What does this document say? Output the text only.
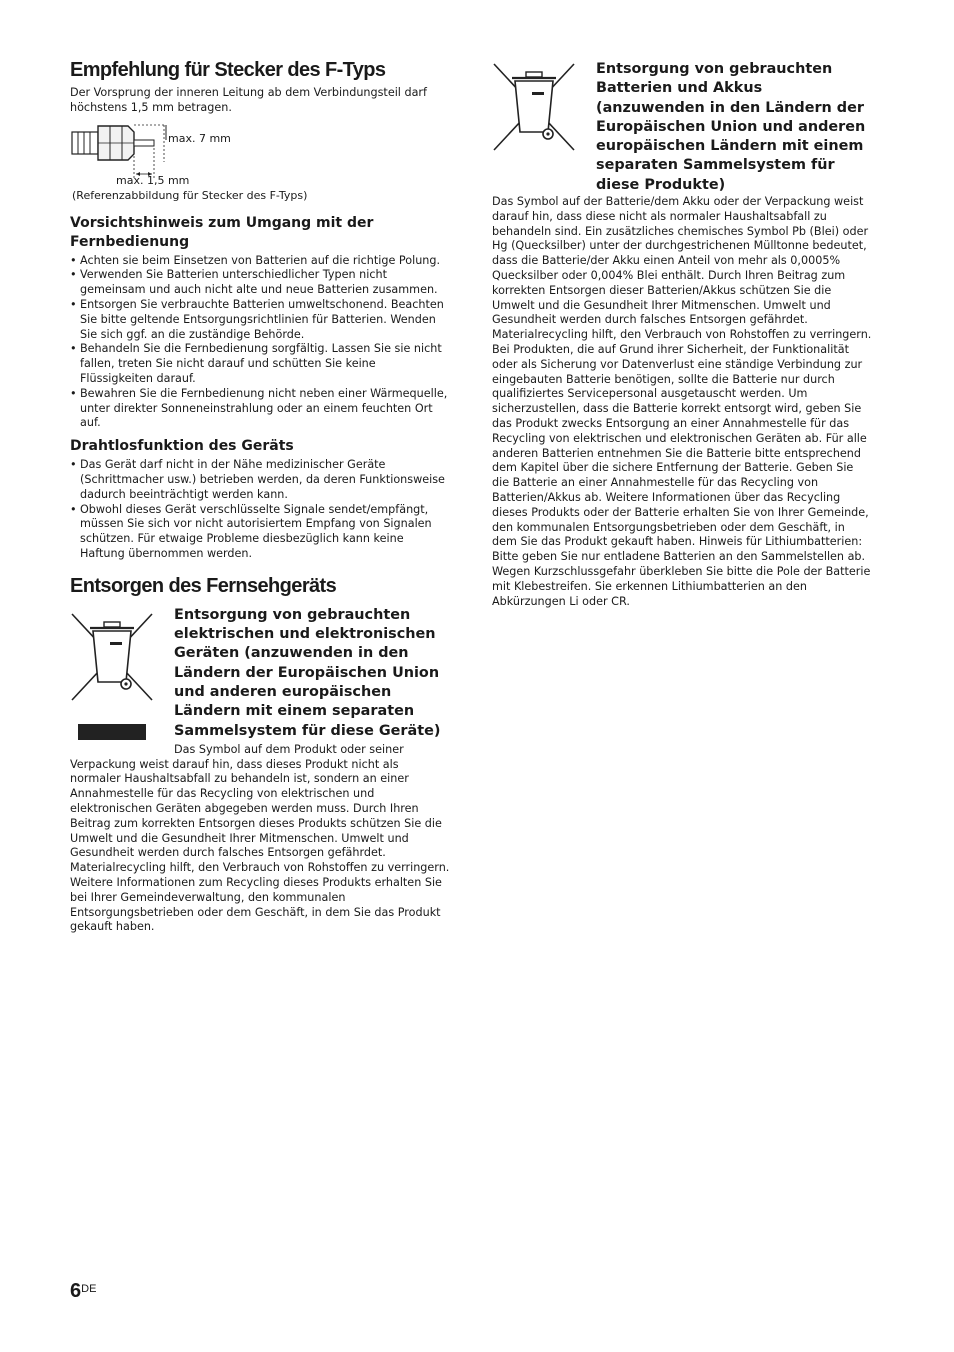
Empfehlung für Stecker des F-Typs

Der Vorsprung der inneren Leitung ab dem Verbindungsteil darf höchstens 1,5 mm betragen.

max. 7 mm
max. 1,5 mm
(Referenzabbildung für Stecker des F-Typs)
Vorsichtshinweis zum Umgang mit der Fernbedienung
• Achten sie beim Einsetzen von Batterien auf die richtige Polung.
• Verwenden Sie Batterien unterschiedlicher Typen nicht gemeinsam und auch nicht alte und neue Batterien zusammen.
• Entsorgen Sie verbrauchte Batterien umweltschonend. Beachten Sie bitte geltende Entsorgungsrichtlinien für Batterien. Wenden Sie sich ggf. an die zuständige Behörde.
• Behandeln Sie die Fernbedienung sorgfältig. Lassen Sie sie nicht fallen, treten Sie nicht darauf und schütten Sie keine Flüssigkeiten darauf.
• Bewahren Sie die Fernbedienung nicht neben einer Wärmequelle, unter direkter Sonneneinstrahlung oder an einem feuchten Ort auf.
Drahtlosfunktion des Geräts
• Das Gerät darf nicht in der Nähe medizinischer Geräte (Schrittmacher usw.) betrieben werden, da deren Funktionsweise dadurch beeinträchtigt werden kann.
• Obwohl dieses Gerät verschlüsselte Signale sendet/empfängt, müssen Sie sich vor nicht autorisiertem Empfang von Signalen schützen. Für etwaige Probleme diesbezüglich kann keine Haftung übernommen werden.
Entsorgen des Fernsehgeräts
Entsorgung von gebrauchten elektrischen und elektronischen Geräten (anzuwenden in den Ländern der Europäischen Union und anderen europäischen Ländern mit einem separaten Sammelsystem für diese Geräte)

Das Symbol auf dem Produkt oder seiner Verpackung weist darauf hin, dass dieses Produkt nicht als normaler Haushaltsabfall zu behandeln ist, sondern an einer Annahmestelle für das Recycling von elektrischen und elektronischen Geräten abgegeben werden muss. Durch Ihren Beitrag zum korrekten Entsorgen dieses Produkts schützen Sie die Umwelt und die Gesundheit Ihrer Mitmenschen. Umwelt und Gesundheit werden durch falsches Entsorgen gefährdet. Materialrecycling hilft, den Verbrauch von Rohstoffen zu verringern. Weitere Informationen zum Recycling dieses Produkts erhalten Sie bei Ihrer Gemeindeverwaltung, den kommunalen Entsorgungsbetrieben oder dem Geschäft, in dem Sie das Produkt gekauft haben.

Entsorgung von gebrauchten Batterien und Akkus (anzuwenden in den Ländern der Europäischen Union und anderen europäischen Ländern mit einem separaten Sammelsystem für diese Produkte)

Das Symbol auf der Batterie/dem Akku oder der Verpackung weist darauf hin, dass diese nicht als normaler Haushaltsabfall zu behandeln sind. Ein zusätzliches chemisches Symbol Pb (Blei) oder Hg (Quecksilber) unter der durchgestrichenen Mülltonne bedeutet, dass die Batterie/der Akku einen Anteil von mehr als 0,0005% Quecksilber oder 0,004% Blei enthält. Durch Ihren Beitrag zum korrekten Entsorgen dieser Batterien/Akkus schützen Sie die Umwelt und die Gesundheit Ihrer Mitmenschen. Umwelt und Gesundheit werden durch falsches Entsorgen gefährdet. Materialrecycling hilft, den Verbrauch von Rohstoffen zu verringern. Bei Produkten, die auf Grund ihrer Sicherheit, der Funktionalität oder als Sicherung vor Datenverlust eine ständige Verbindung zur eingebauten Batterie benötigen, sollte die Batterie nur durch qualifiziertes Servicepersonal ausgetauscht werden. Um sicherzustellen, dass die Batterie korrekt entsorgt wird, geben Sie das Produkt zwecks Entsorgung an einer Annahmestelle für das Recycling von elektrischen und elektronischen Geräten ab. Für alle anderen Batterien entnehmen Sie die Batterie bitte entsprechend dem Kapitel über die sichere Entfernung der Batterie. Geben Sie die Batterie an einer Annahmestelle für das Recycling von Batterien/Akkus ab. Weitere Informationen über das Recycling dieses Produkts oder der Batterie erhalten Sie von Ihrer Gemeinde, den kommunalen Entsorgungsbetrieben oder dem Geschäft, in dem Sie das Produkt gekauft haben. Hinweis für Lithiumbatterien: Bitte geben Sie nur entladene Batterien an den Sammelstellen ab. Wegen Kurzschlussgefahr überkleben Sie bitte die Pole der Batterie mit Klebestreifen. Sie erkennen Lithiumbatterien an den Abkürzungen Li oder CR.

6DE
